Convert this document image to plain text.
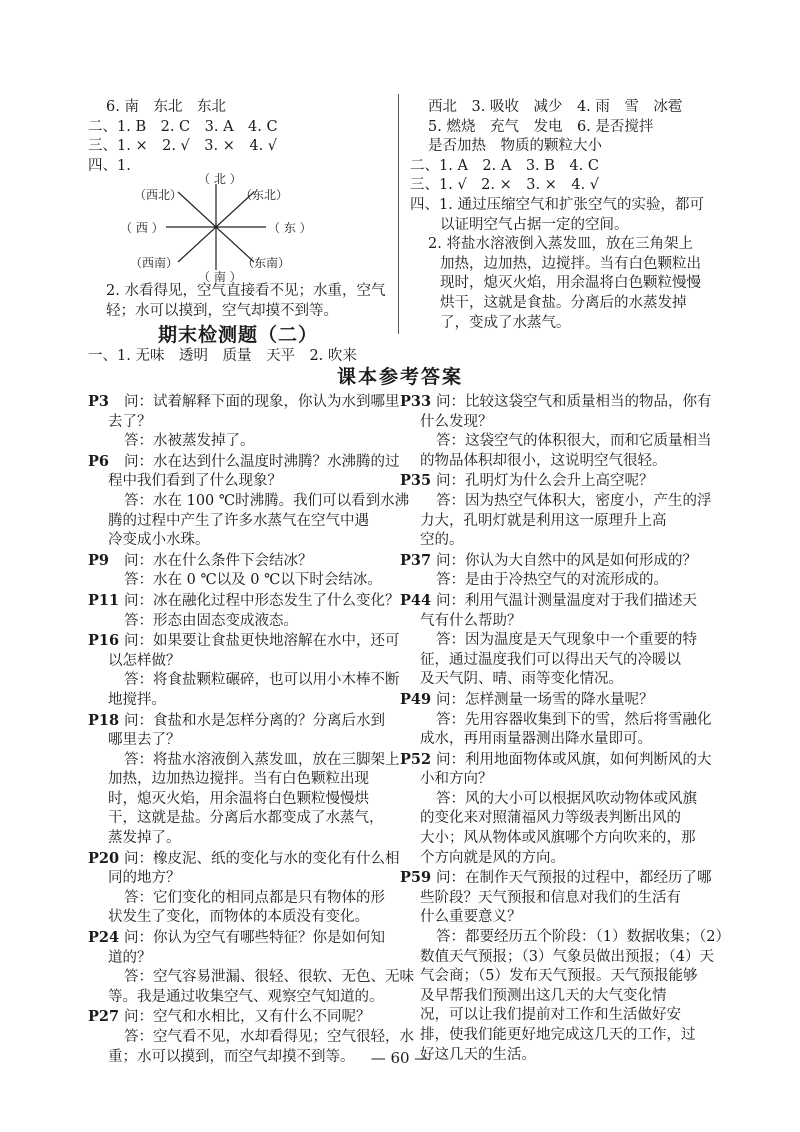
6. 南　东北　东北
二、1. B　2. C　3. A　4. C
三、1. ×　2. √　3. ×　4. √
四、1.
（ 北 ）
（东北）
（西北）
（ 西 ）	（ 东 ）
（西南）	（东南）
（ 南 ）
2. 水看得见，空气直接看不见；水重，空气
轻；水可以摸到，空气却摸不到等。
期末检测题（二）
一、1. 无味　透明　质量　天平　2. 吹来
西北　3. 吸收　减少　4. 雨　雪　冰雹
5. 燃烧　充气　发电　6. 是否搅拌
是否加热　物质的颗粒大小
二、1. A　2. A　3. B　4. C
三、1. √　2. ×　3. ×　4. √
四、1. 通过压缩空气和扩张空气的实验，都可
以证明空气占据一定的空间。
2. 将盐水溶液倒入蒸发皿，放在三角架上
加热，边加热，边搅拌。当有白色颗粒出
现时，熄灭火焰，用余温将白色颗粒慢慢
烘干，这就是食盐。分离后的水蒸发掉
了，变成了水蒸气。
课本参考答案
P3 问：试着解释下面的现象，你认为水到哪里
去了？
答：水被蒸发掉了。
P6 问：水在达到什么温度时沸腾？水沸腾的过
程中我们看到了什么现象？
答：水在 100 ℃时沸腾。我们可以看到水沸
腾的过程中产生了许多水蒸气在空气中遇
冷变成小水珠。
P9 问：水在什么条件下会结冰？
答：水在 0 ℃以及 0 ℃以下时会结冰。
P11 问：冰在融化过程中形态发生了什么变化？
答：形态由固态变成液态。
P16 问：如果要让食盐更快地溶解在水中，还可
以怎样做？
答：将食盐颗粒碾碎，也可以用小木棒不断
地搅拌。
P18 问：食盐和水是怎样分离的？分离后水到
哪里去了？
答：将盐水溶液倒入蒸发皿，放在三脚架上
加热，边加热边搅拌。当有白色颗粒出现
时，熄灭火焰，用余温将白色颗粒慢慢烘
干，这就是盐。分离后水都变成了水蒸气，
蒸发掉了。
P20 问：橡皮泥、纸的变化与水的变化有什么相
同的地方？
答：它们变化的相同点都是只有物体的形
状发生了变化，而物体的本质没有变化。
P24 问：你认为空气有哪些特征？你是如何知
道的？
答：空气容易泄漏、很轻、很软、无色、无味
等。我是通过收集空气、观察空气知道的。
P27 问：空气和水相比，又有什么不同呢？
答：空气看不见，水却看得见；空气很轻，水
重；水可以摸到，而空气却摸不到等。
P33 问：比较这袋空气和质量相当的物品，你有
什么发现？
答：这袋空气的体积很大，而和它质量相当
的物品体积却很小，这说明空气很轻。
P35 问：孔明灯为什么会升上高空呢？
答：因为热空气体积大，密度小，产生的浮
力大，孔明灯就是利用这一原理升上高
空的。
P37 问：你认为大自然中的风是如何形成的？
答：是由于冷热空气的对流形成的。
P44 问：利用气温计测量温度对于我们描述天
气有什么帮助？
答：因为温度是天气现象中一个重要的特
征，通过温度我们可以得出天气的冷暖以
及天气阴、晴、雨等变化情况。
P49 问：怎样测量一场雪的降水量呢？
答：先用容器收集到下的雪，然后将雪融化
成水，再用雨量器测出降水量即可。
P52 问：利用地面物体或风旗，如何判断风的大
小和方向？
答：风的大小可以根据风吹动物体或风旗
的变化来对照蒲福风力等级表判断出风的
大小；风从物体或风旗哪个方向吹来的，那
个方向就是风的方向。
P59 问：在制作天气预报的过程中，都经历了哪
些阶段？天气预报和信息对我们的生活有
什么重要意义？
答：都要经历五个阶段：（1）数据收集；（2）
数值天气预报；（3）气象员做出预报；（4）天
气会商；（5）发布天气预报。天气预报能够
及早帮我们预测出这几天的大气变化情
况，可以让我们提前对工作和生活做好安
排，使我们能更好地完成这几天的工作，过
好这几天的生活。
— 60 —
